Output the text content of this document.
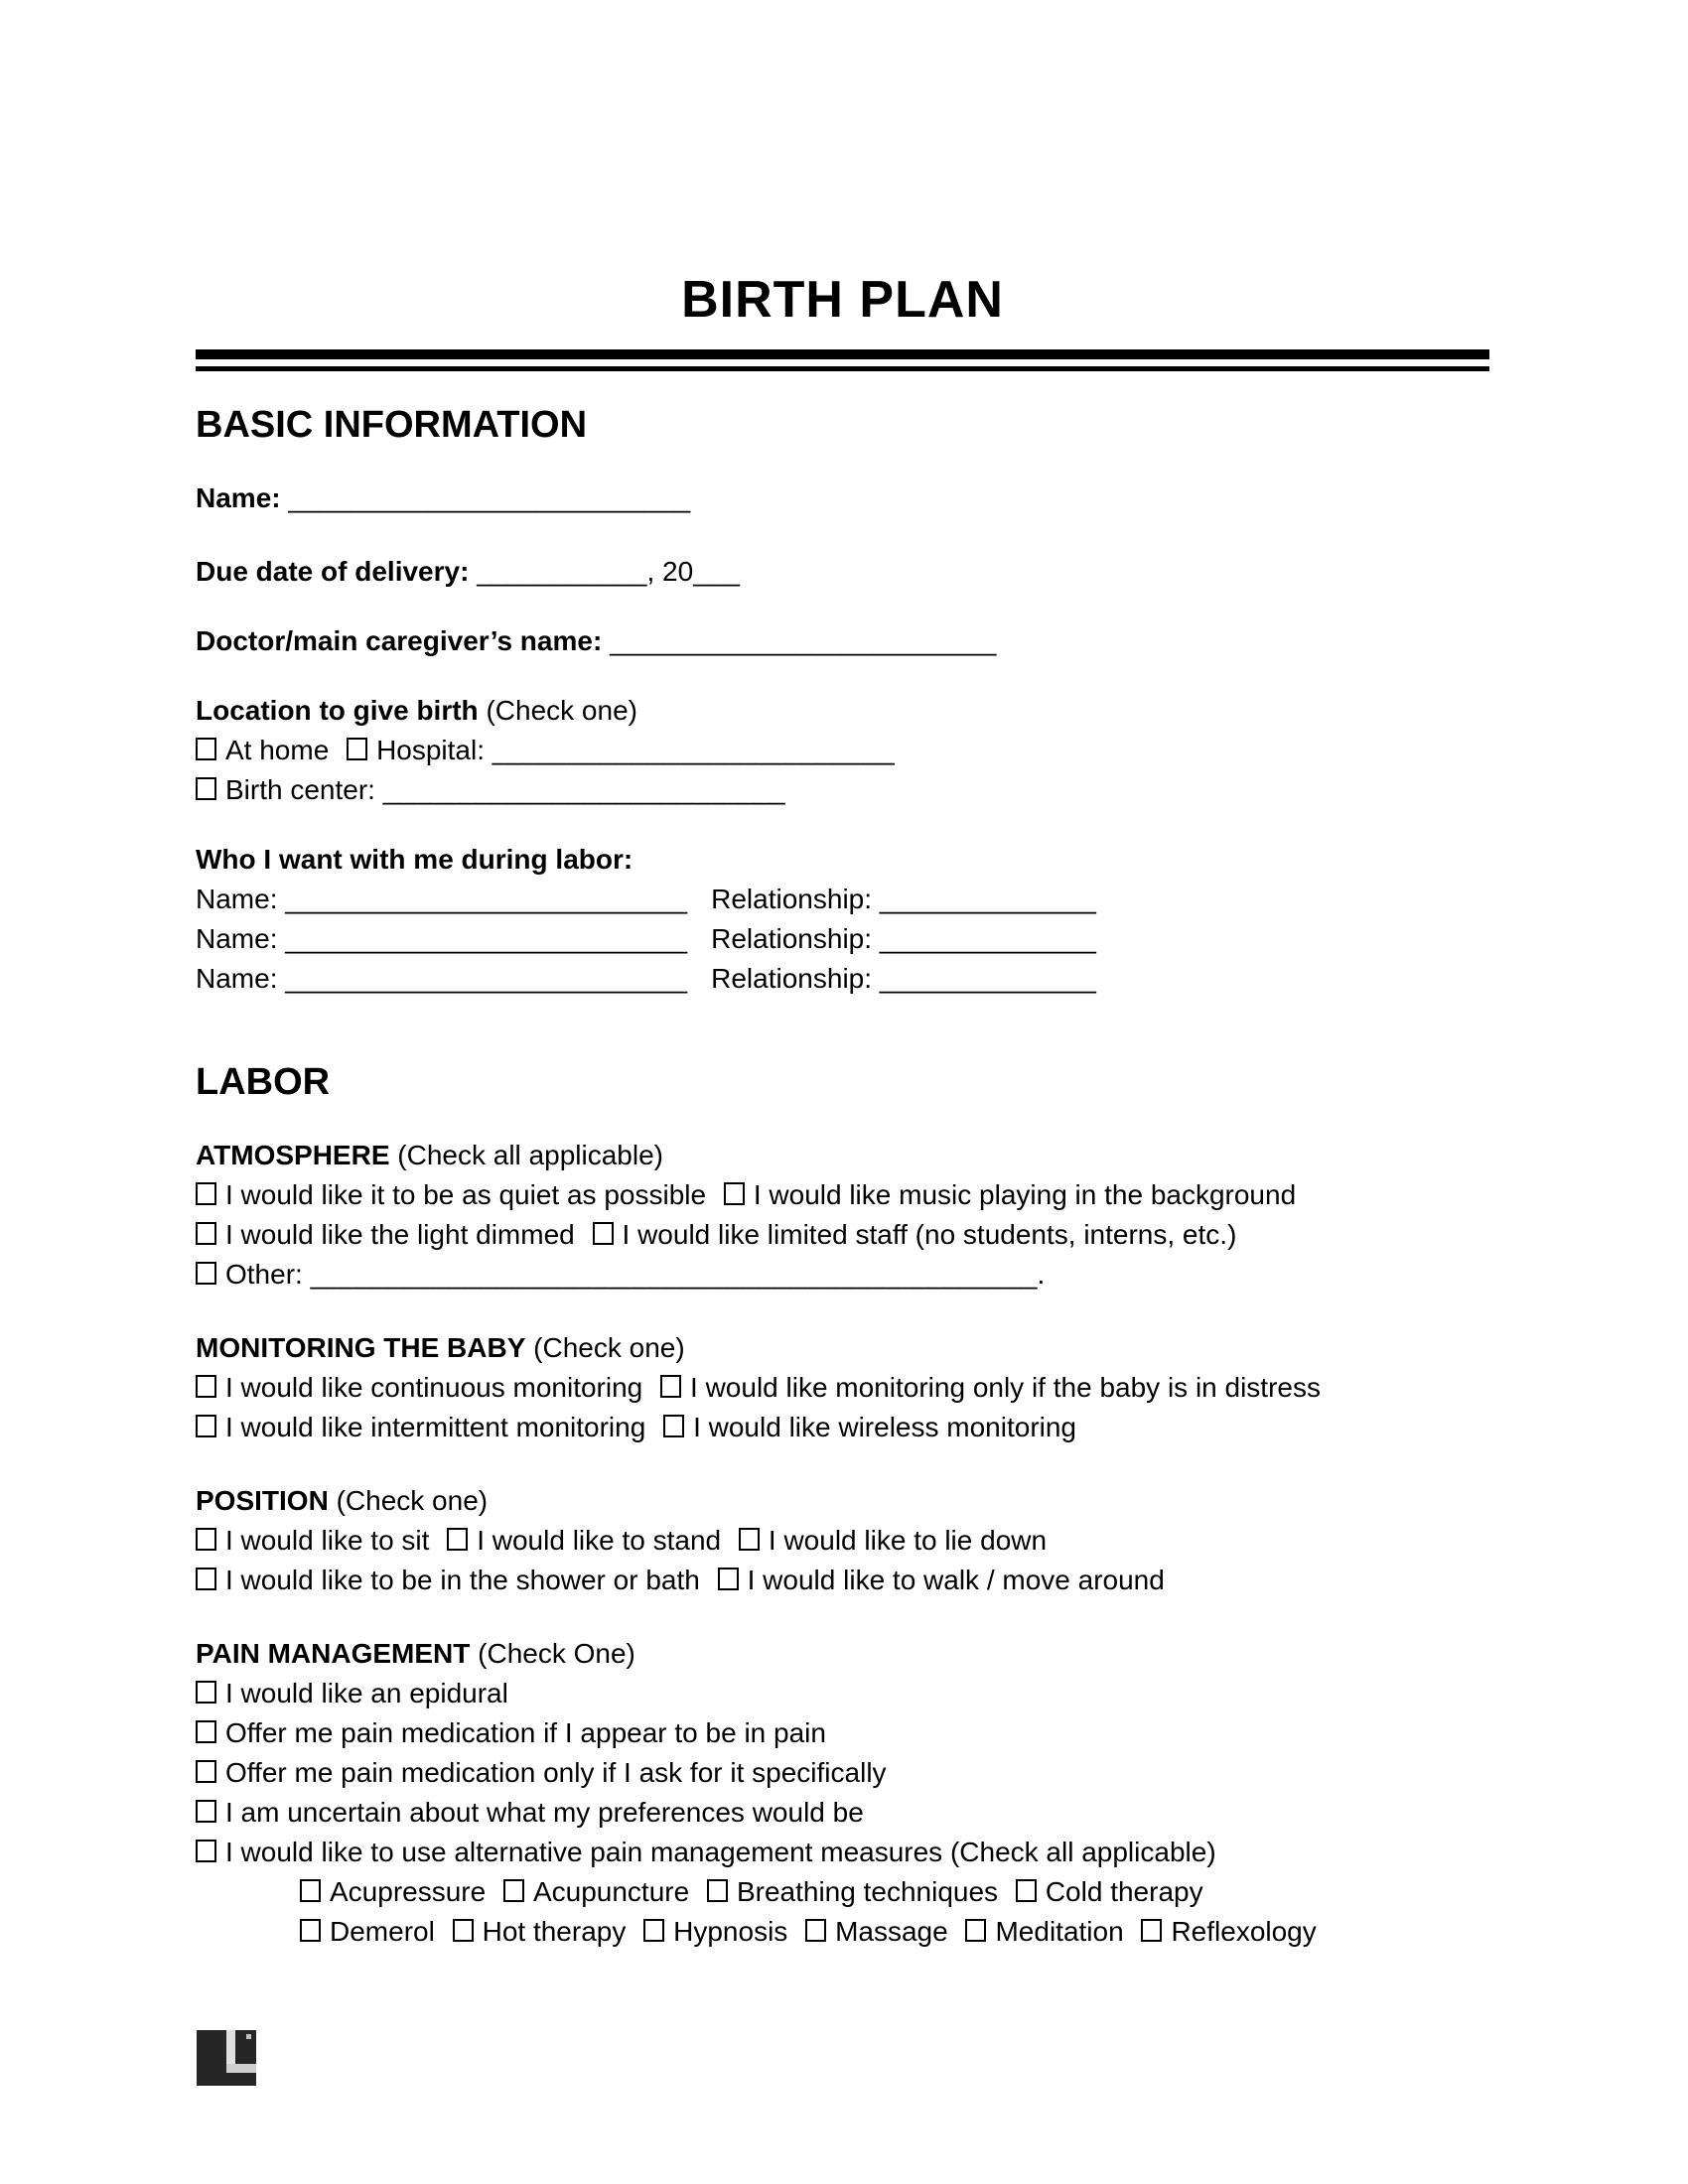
BIRTH PLAN
BASIC INFORMATION
Name: __________________________
Due date of delivery: ___________, 20___
Doctor/main caregiver’s name: _________________________
Location to give birth (Check one)
At home Hospital: __________________________
Birth center: __________________________
Who I want with me during labor:
Name: __________________________ Relationship: ______________
Name: __________________________ Relationship: ______________
Name: __________________________ Relationship: ______________
LABOR
ATMOSPHERE (Check all applicable)
I would like it to be as quiet as possible I would like music playing in the background
I would like the light dimmed I would like limited staff (no students, interns, etc.)
Other: _______________________________________________.
MONITORING THE BABY (Check one)
I would like continuous monitoring I would like monitoring only if the baby is in distress
I would like intermittent monitoring I would like wireless monitoring
POSITION (Check one)
I would like to sit I would like to stand I would like to lie down
I would like to be in the shower or bath I would like to walk / move around
PAIN MANAGEMENT (Check One)
I would like an epidural
Offer me pain medication if I appear to be in pain
Offer me pain medication only if I ask for it specifically
I am uncertain about what my preferences would be
I would like to use alternative pain management measures (Check all applicable)
Acupressure Acupuncture Breathing techniques Cold therapy
Demerol Hot therapy Hypnosis Massage Meditation Reflexology
